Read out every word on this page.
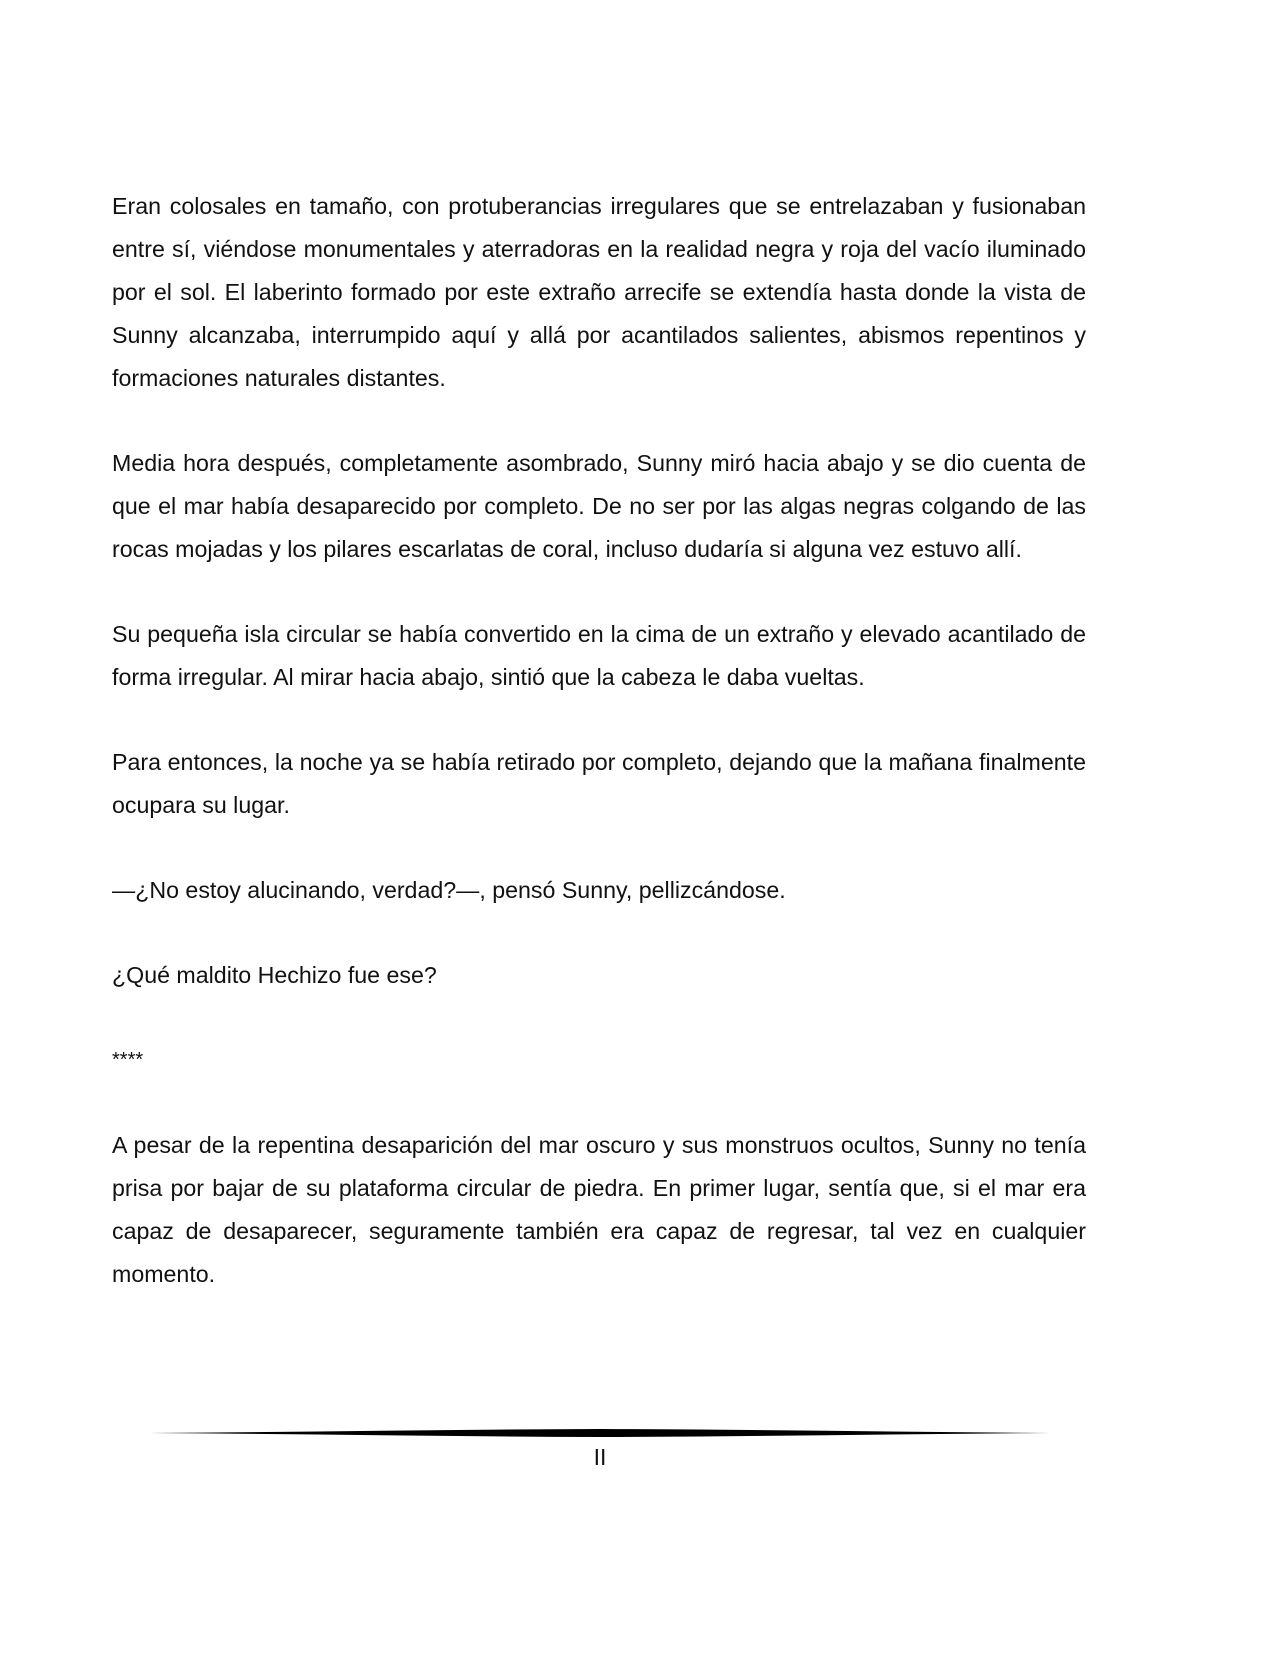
Eran colosales en tamaño, con protuberancias irregulares que se entrelazaban y fusionaban entre sí, viéndose monumentales y aterradoras en la realidad negra y roja del vacío iluminado por el sol. El laberinto formado por este extraño arrecife se extendía hasta donde la vista de Sunny alcanzaba, interrumpido aquí y allá por acantilados salientes, abismos repentinos y formaciones naturales distantes.

Media hora después, completamente asombrado, Sunny miró hacia abajo y se dio cuenta de que el mar había desaparecido por completo. De no ser por las algas negras colgando de las rocas mojadas y los pilares escarlatas de coral, incluso dudaría si alguna vez estuvo allí.

Su pequeña isla circular se había convertido en la cima de un extraño y elevado acantilado de forma irregular. Al mirar hacia abajo, sintió que la cabeza le daba vueltas.

Para entonces, la noche ya se había retirado por completo, dejando que la mañana finalmente ocupara su lugar.

—¿No estoy alucinando, verdad?—, pensó Sunny, pellizcándose.

¿Qué maldito Hechizo fue ese?

****

A pesar de la repentina desaparición del mar oscuro y sus monstruos ocultos, Sunny no tenía prisa por bajar de su plataforma circular de piedra. En primer lugar, sentía que, si el mar era capaz de desaparecer, seguramente también era capaz de regresar, tal vez en cualquier momento.

II
